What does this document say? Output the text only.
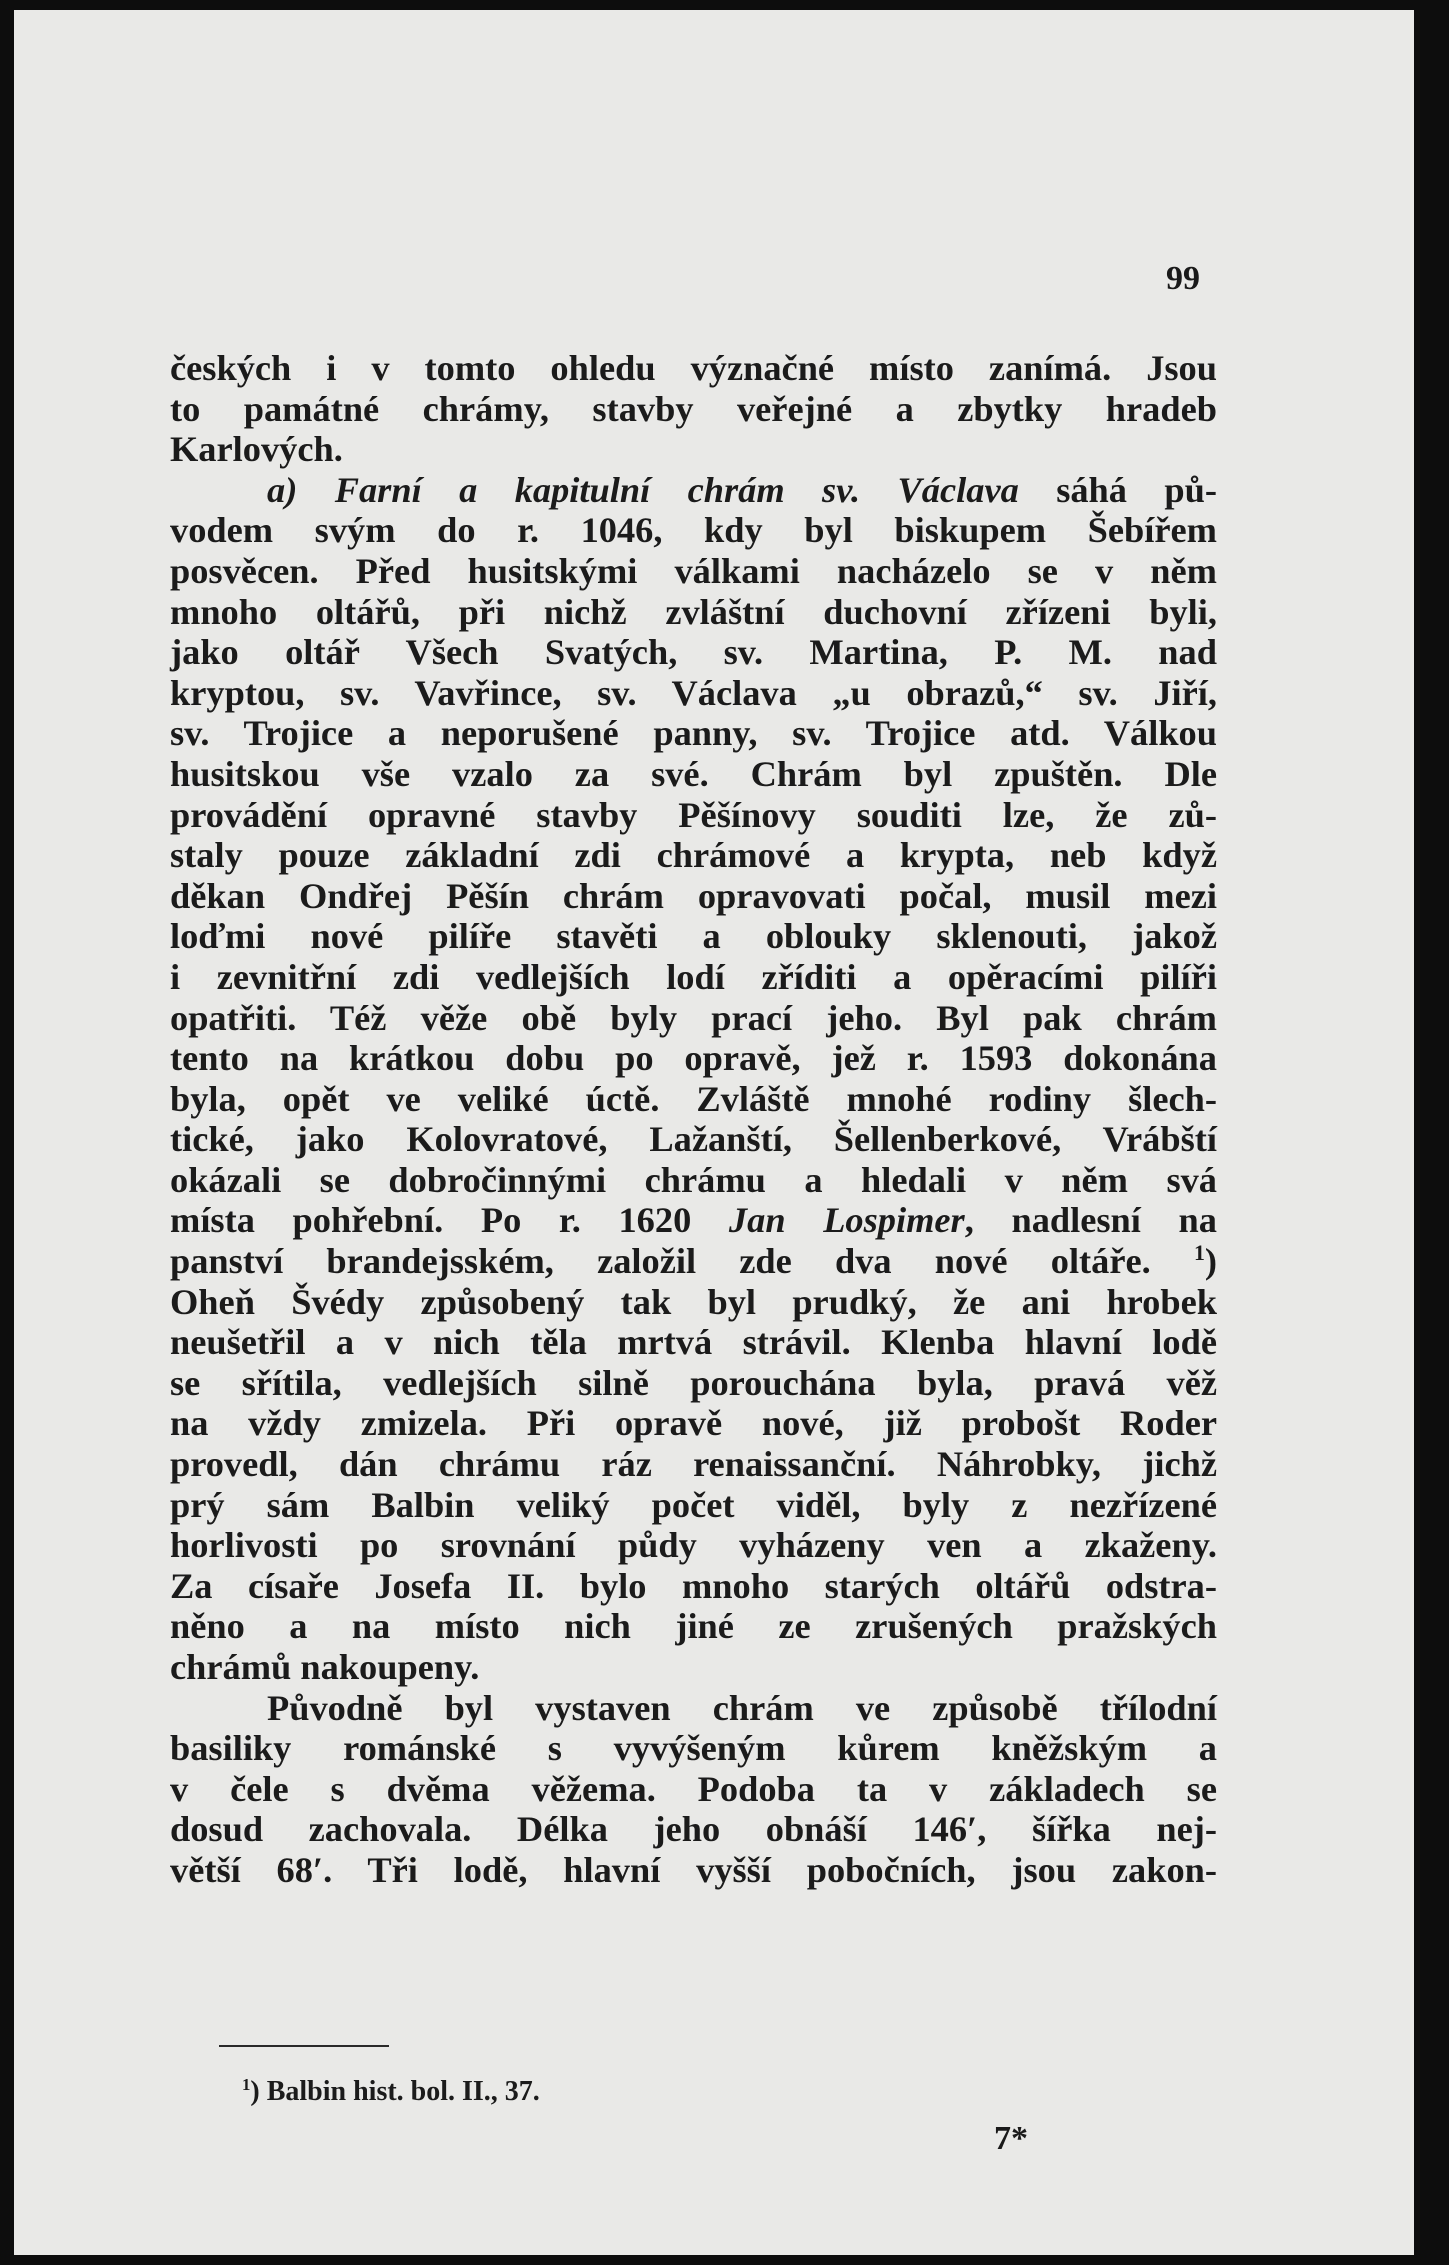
99
českých i v tomto ohledu význačné místo zanímá. Jsou
to památné chrámy, stavby veřejné a zbytky hradeb
Karlových.
a) Farní a kapitulní chrám sv. Václava sáhá pů-
vodem svým do r. 1046, kdy byl biskupem Šebířem
posvěcen. Před husitskými válkami nacházelo se v něm
mnoho oltářů, při nichž zvláštní duchovní zřízeni byli,
jako oltář Všech Svatých, sv. Martina, P. M. nad
kryptou, sv. Vavřince, sv. Václava „u obrazů,“ sv. Jiří,
sv. Trojice a neporušené panny, sv. Trojice atd. Válkou
husitskou vše vzalo za své. Chrám byl zpuštěn. Dle
provádění opravné stavby Pěšínovy souditi lze, že zů-
staly pouze základní zdi chrámové a krypta, neb když
děkan Ondřej Pěšín chrám opravovati počal, musil mezi
loďmi nové pilíře stavěti a oblouky sklenouti, jakož
i zevnitřní zdi vedlejších lodí zříditi a opěracími pilíři
opatřiti. Též věže obě byly prací jeho. Byl pak chrám
tento na krátkou dobu po opravě, jež r. 1593 dokonána
byla, opět ve veliké úctě. Zvláště mnohé rodiny šlech-
tické, jako Kolovratové, Lažanští, Šellenberkové, Vrábští
okázali se dobročinnými chrámu a hledali v něm svá
místa pohřební. Po r. 1620 Jan Lospimer, nadlesní na
panství brandejsském, založil zde dva nové oltáře. $^1$)
Oheň Švédy způsobený tak byl prudký, že ani hrobek
neušetřil a v nich těla mrtvá strávil. Klenba hlavní lodě
se sřítila, vedlejších silně porouchána byla, pravá věž
na vždy zmizela. Při opravě nové, již probošt Roder
provedl, dán chrámu ráz renaissanční. Náhrobky, jichž
prý sám Balbin veliký počet viděl, byly z nezřízené
horlivosti po srovnání půdy vyházeny ven a zkaženy.
Za císaře Josefa II. bylo mnoho starých oltářů odstra-
něno a na místo nich jiné ze zrušených pražských
chrámů nakoupeny.
Původně byl vystaven chrám ve způsobě třílodní
basiliky románské s vyvýšeným kůrem kněžským a
v čele s dvěma věžema. Podoba ta v základech se
dosud zachovala. Délka jeho obnáší 146′, šířka nej-
větší 68′. Tři lodě, hlavní vyšší pobočních, jsou zakon-
$^1$) Balbin hist. bol. II., 37.
7*
